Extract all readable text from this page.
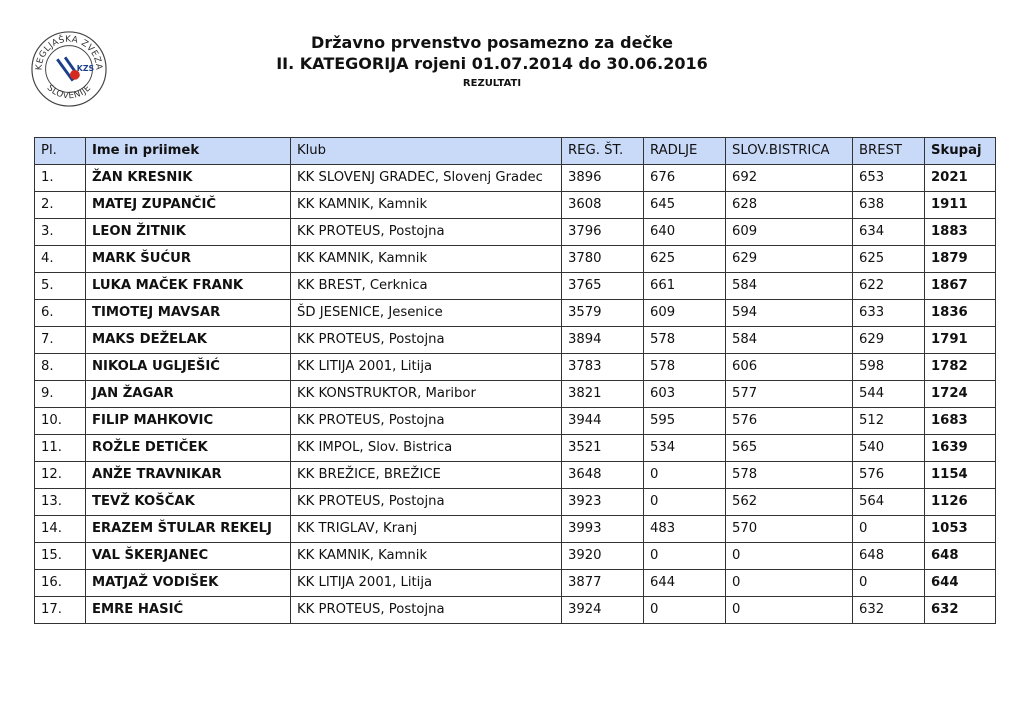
KEGLJAŠKA ZVEZA
SLOVENIJE
KZS
Državno prvenstvo posamezno za dečke
II. KATEGORIJA rojeni 01.07.2014 do 30.06.2016
REZULTATI
Pl.	Ime in priimek	Klub	REG. ŠT.	RADLJE	SLOV.BISTRICA	BREST	Skupaj
1.	ŽAN KRESNIK	KK SLOVENJ GRADEC, Slovenj Gradec	3896	676	692	653	2021
2.	MATEJ ZUPANČIČ	KK KAMNIK, Kamnik	3608	645	628	638	1911
3.	LEON ŽITNIK	KK PROTEUS, Postojna	3796	640	609	634	1883
4.	MARK ŠUĆUR	KK KAMNIK, Kamnik	3780	625	629	625	1879
5.	LUKA MAČEK FRANK	KK BREST, Cerknica	3765	661	584	622	1867
6.	TIMOTEJ MAVSAR	ŠD JESENICE, Jesenice	3579	609	594	633	1836
7.	MAKS DEŽELAK	KK PROTEUS, Postojna	3894	578	584	629	1791
8.	NIKOLA UGLJEŠIĆ	KK LITIJA 2001, Litija	3783	578	606	598	1782
9.	JAN ŽAGAR	KK KONSTRUKTOR, Maribor	3821	603	577	544	1724
10.	FILIP MAHKOVIC	KK PROTEUS, Postojna	3944	595	576	512	1683
11.	ROŽLE DETIČEK	KK IMPOL, Slov. Bistrica	3521	534	565	540	1639
12.	ANŽE TRAVNIKAR	KK BREŽICE, BREŽICE	3648	0	578	576	1154
13.	TEVŽ KOŠČAK	KK PROTEUS, Postojna	3923	0	562	564	1126
14.	ERAZEM ŠTULAR REKELJ	KK TRIGLAV, Kranj	3993	483	570	0	1053
15.	VAL ŠKERJANEC	KK KAMNIK, Kamnik	3920	0	0	648	648
16.	MATJAŽ VODIŠEK	KK LITIJA 2001, Litija	3877	644	0	0	644
17.	EMRE HASIĆ	KK PROTEUS, Postojna	3924	0	0	632	632
